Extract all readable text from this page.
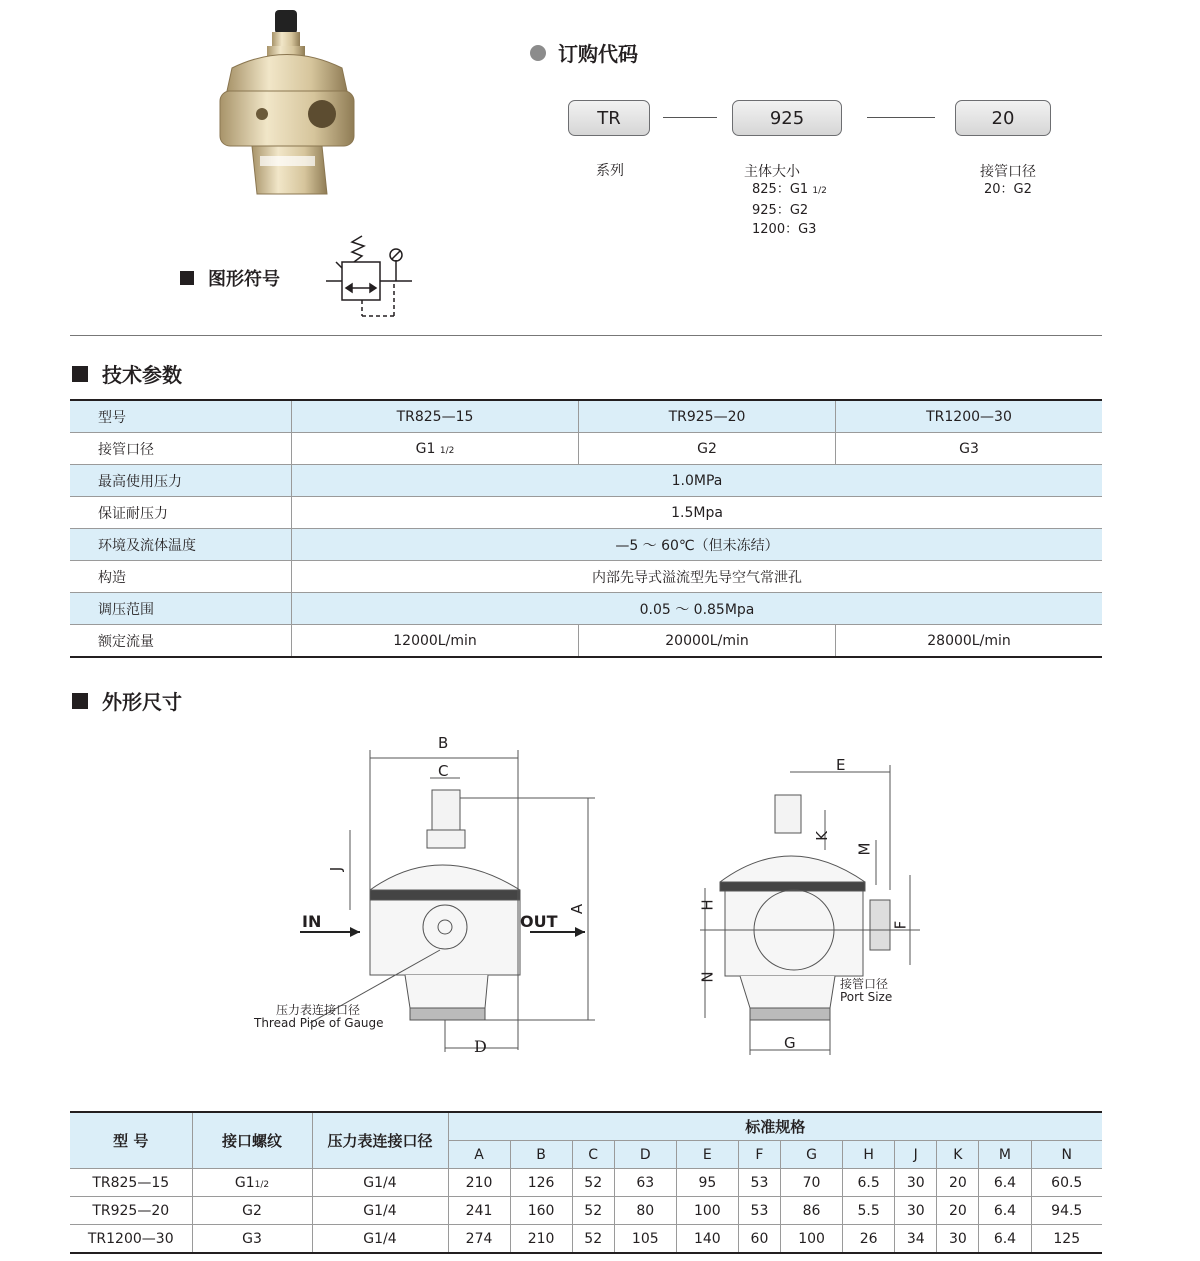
订购代码
TR	925	20
系列	主体大小
825：G1 1/2
925：G2
1200：G3
接管口径
20：G2
图形符号
技术参数
型号	TR825—15	TR925—20	TR1200—30
接管口径	G1 1/2	G2	G3
最高使用压力	1.0MPa		
保证耐压力	1.5Mpa		
环境及流体温度	—5 ～ 60℃（但未冻结）		
构造	内部先导式溢流型先导空气常泄孔		
调压范围	0.05 ～ 0.85Mpa		
额定流量	12000L/min	20000L/min	28000L/min
外形尺寸
B
C
J
A
D
IN	OUT
压力表连接口径
Thread Pipe of Gauge
E
K
M
H
F
N
G
接管口径
Port Size
型 号	接口螺纹	压力表连接口径	标准规格											
			A	B	C	D	E	F	G	H	J	K	M	N
TR825—15	G11/2	G1/4	210	126	52	63	95	53	70	6.5	30	20	6.4	60.5
TR925—20	G2	G1/4	241	160	52	80	100	53	86	5.5	30	20	6.4	94.5
TR1200—30	G3	G1/4	274	210	52	105	140	60	100	26	34	30	6.4	125
